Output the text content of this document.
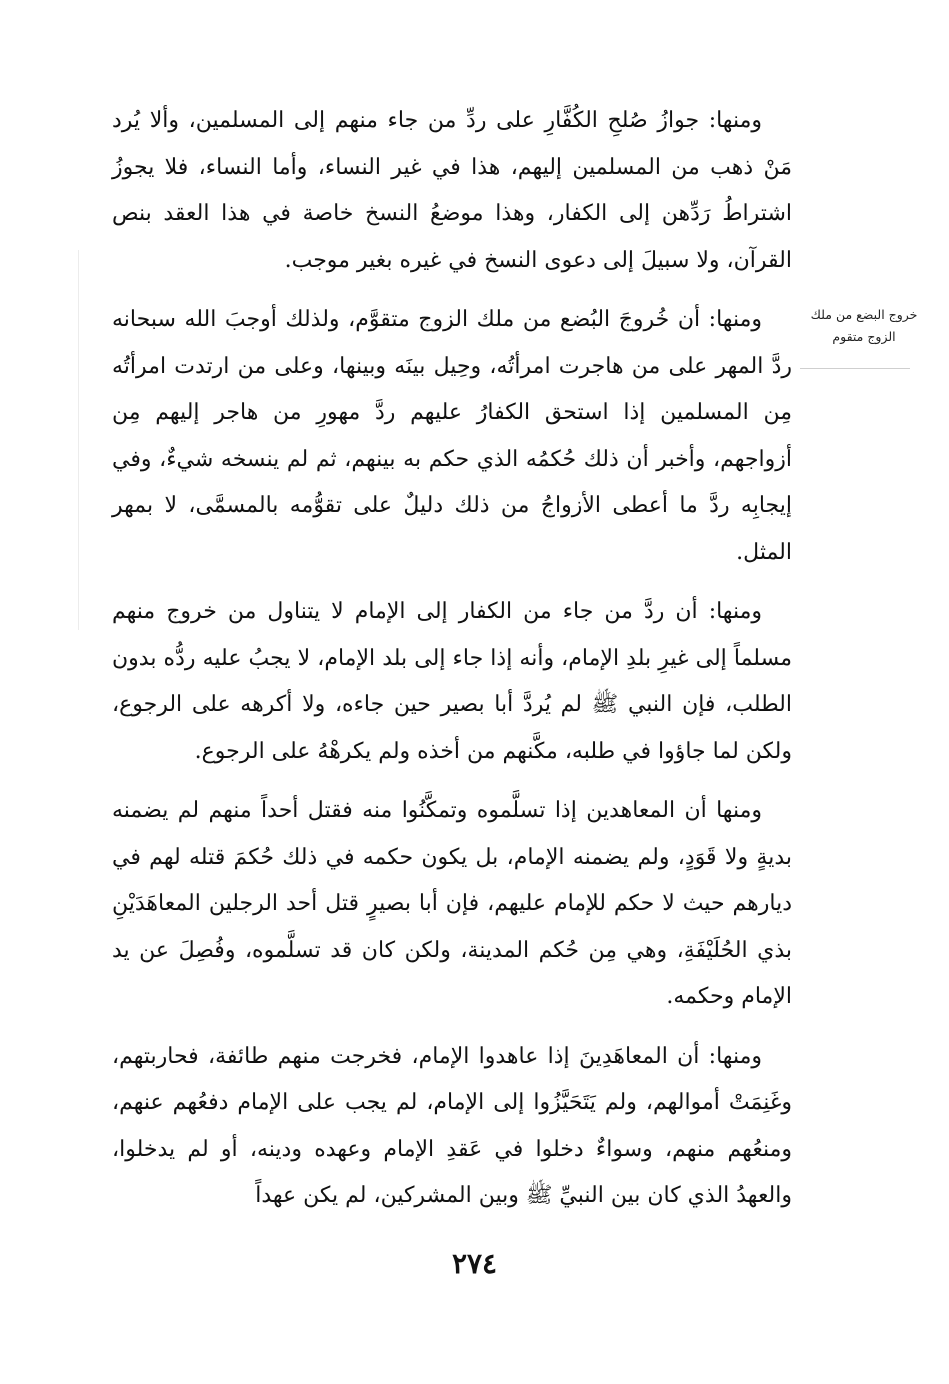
ومنها: جوازُ صُلحِ الكُفَّارِ على ردِّ من جاء منهم إلى المسلمين، وألا يُرد مَنْ ذهب من المسلمين إليهم، هذا في غير النساء، وأما النساء، فلا يجوزُ اشتراطُ رَدِّهن إلى الكفار، وهذا موضعُ النسخ خاصة في هذا العقد بنص القرآن، ولا سبيلَ إلى دعوى النسخ في غيره بغير موجب.

ومنها: أن خُروجَ البُضع من ملك الزوج متقوَّم، ولذلك أوجبَ الله سبحانه ردَّ المهر على من هاجرت امرأتُه، وحِيل بينَه وبينها، وعلى من ارتدت امرأتُه مِن المسلمين إذا استحق الكفارُ عليهم ردَّ مهورِ من هاجر إليهم مِن أزواجهم، وأخبر أن ذلك حُكمُه الذي حكم به بينهم، ثم لم ينسخه شيءٌ، وفي إيجابِه ردَّ ما أعطى الأزواجُ من ذلك دليلٌ على تقوُّمه بالمسمَّى، لا بمهر المثل.

ومنها: أن ردَّ من جاء من الكفار إلى الإمام لا يتناول من خروج منهم مسلماً إلى غيرِ بلدِ الإمام، وأنه إذا جاء إلى بلد الإمام، لا يجبُ عليه ردُّه بدون الطلب، فإن النبي ﷺ لم يُردَّ أبا بصير حين جاءه، ولا أكرهه على الرجوع، ولكن لما جاؤوا في طلبه، مكَّنهم من أخذه ولم يكرهْهُ على الرجوع.

ومنها أن المعاهدين إذا تسلَّموه وتمكَّنُوا منه فقتل أحداً منهم لم يضمنه بديةٍ ولا قَوَدٍ، ولم يضمنه الإمام، بل يكون حكمه في ذلك حُكمَ قتله لهم في ديارهم حيث لا حكم للإمام عليهم، فإن أبا بصيرٍ قتل أحد الرجلين المعاهَدَيْنِ بذي الحُلَيْفَةِ، وهي مِن حُكم المدينة، ولكن كان قد تسلَّموه، وفُصِلَ عن يد الإمام وحكمه.

ومنها: أن المعاهَدِينَ إذا عاهدوا الإمام، فخرجت منهم طائفة، فحاربتهم، وغَنِمَتْ أموالهم، ولم يَتَحَيَّزُوا إلى الإمام، لم يجب على الإمام دفعُهم عنهم، ومنعُهم منهم، وسواءٌ دخلوا في عَقدِ الإمام وعهده ودينه، أو لم يدخلوا، والعهدُ الذي كان بين النبيِّ ﷺ وبين المشركين، لم يكن عهداً

خروج البضع من ملك
الزوج متقوم
٢٧٤
